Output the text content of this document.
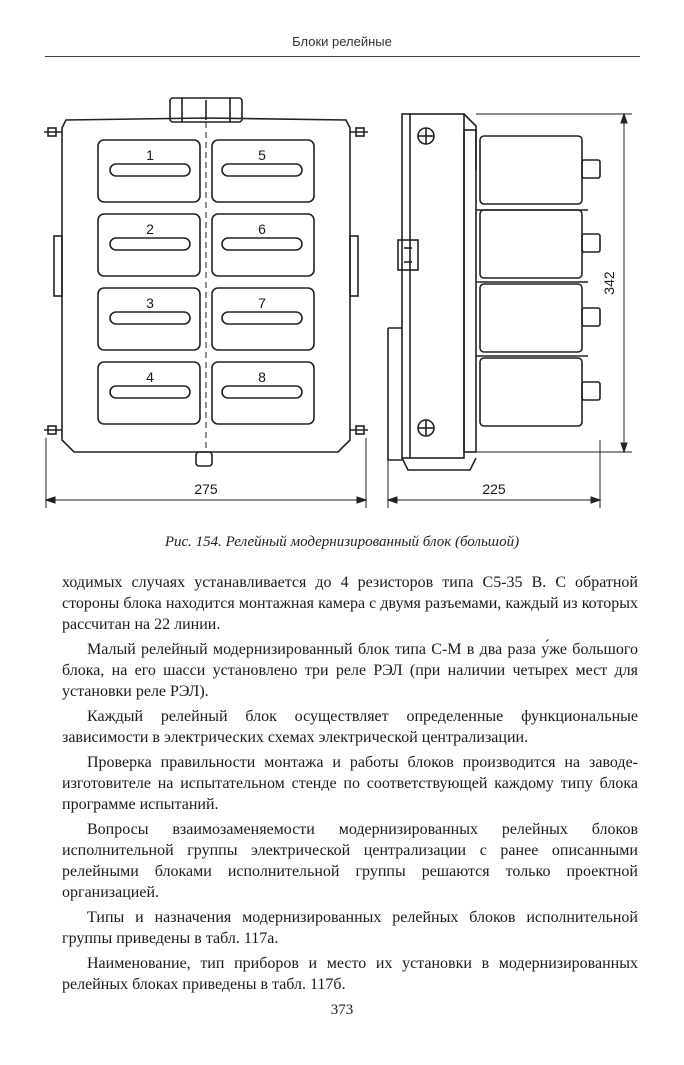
Блоки релейные
1	5
2	6
3	7
4	8
275	225
342
Рис. 154. Релейный модернизированный блок (большой)

ходимых случаях устанавливается до 4 резисторов типа С5-35 В. С обратной стороны блока находится монтажная камера с двумя разъемами, каждый из которых рассчитан на 22 линии.

Малый релейный модернизированный блок типа С-М в два раза у́же большого блока, на его шасси установлено три реле РЭЛ (при наличии четырех мест для установки реле РЭЛ).

Каждый релейный блок осуществляет определенные функциональные зависимости в электрических схемах электрической централизации.

Проверка правильности монтажа и работы блоков производится на заводе-изготовителе на испытательном стенде по соответствующей каждому типу блока программе испытаний.

Вопросы взаимозаменяемости модернизированных релейных блоков исполнительной группы электрической централизации с ранее описанными релейными блоками исполнительной группы решаются только проектной организацией.

Типы и назначения модернизированных релейных блоков исполнительной группы приведены в табл. 117а.

Наименование, тип приборов и место их установки в модернизированных релейных блоках приведены в табл. 117б.

373
